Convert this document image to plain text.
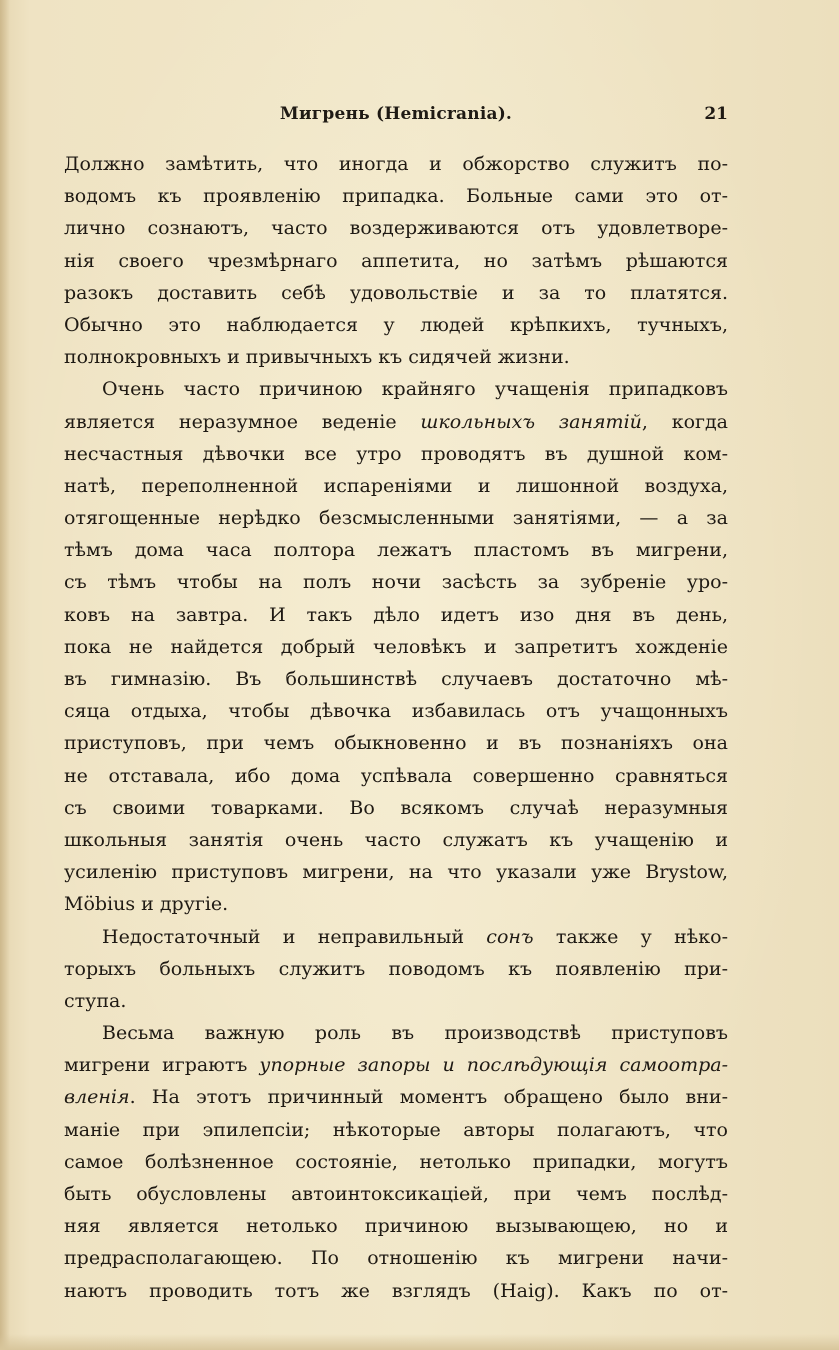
Мигрень (Hemicrania).	21
Должно замѣтить, что иногда и обжорство служитъ по-
водомъ къ проявленію припадка. Больные сами это от-
лично сознаютъ, часто воздерживаются отъ удовлетворе-
нія своего чрезмѣрнаго аппетита, но затѣмъ рѣшаются
разокъ доставить себѣ удовольствіе и за то платятся.
Обычно это наблюдается у людей крѣпкихъ, тучныхъ,
полнокровныхъ и привычныхъ къ сидячей жизни.
Очень часто причиною крайняго учащенія припадковъ
является неразумное веденіе школьныхъ занятій, когда
несчастныя дѣвочки все утро проводятъ въ душной ком-
натѣ, переполненной испареніями и лишонной воздуха,
отягощенные нерѣдко безсмысленными занятіями, — а за
тѣмъ дома часа полтора лежатъ пластомъ въ мигрени,
съ тѣмъ чтобы на полъ ночи засѣсть за зубреніе уро-
ковъ на завтра. И такъ дѣло идетъ изо дня въ день,
пока не найдется добрый человѣкъ и запретитъ хожденіе
въ гимназію. Въ большинствѣ случаевъ достаточно мѣ-
сяца отдыха, чтобы дѣвочка избавилась отъ учащонныхъ
приступовъ, при чемъ обыкновенно и въ познаніяхъ она
не отставала, ибо дома успѣвала совершенно сравняться
съ своими товарками. Во всякомъ случаѣ неразумныя
школьныя занятія очень часто служатъ къ учащенію и
усиленію приступовъ мигрени, на что указали уже Brystow,
Möbius и другіе.
Недостаточный и неправильный сонъ также у нѣко-
торыхъ больныхъ служитъ поводомъ къ появленію при-
ступа.
Весьма важную роль въ производствѣ приступовъ
мигрени играютъ упорные запоры и послѣдующія самоотра-
вленія. На этотъ причинный моментъ обращено было вни-
маніе при эпилепсіи; нѣкоторые авторы полагаютъ, что
самое болѣзненное состояніе, нетолько припадки, могутъ
быть обусловлены автоинтоксикаціей, при чемъ послѣд-
няя является нетолько причиною вызывающею, но и
предрасполагающею. По отношенію къ мигрени начи-
наютъ проводить тотъ же взглядъ (Haig). Какъ по от-
